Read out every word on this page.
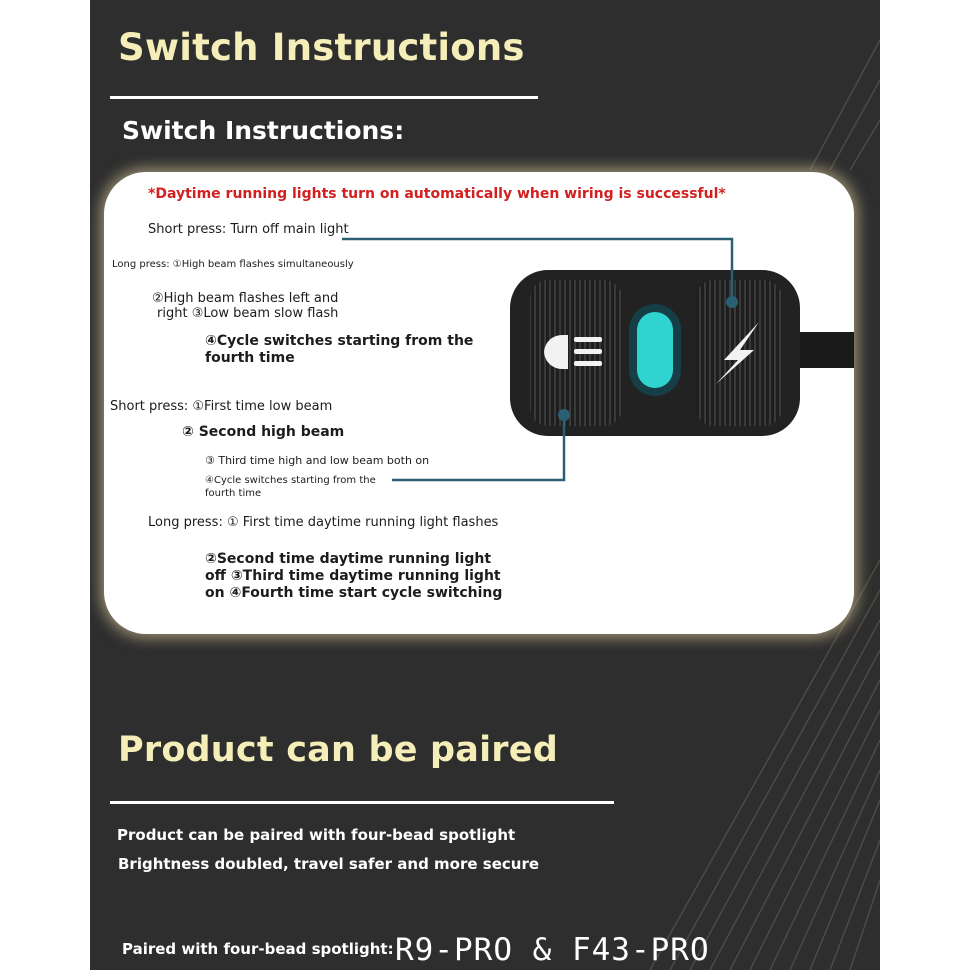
Switch Instructions
Switch Instructions:
*Daytime running lights turn on automatically when wiring is successful*
Short press: Turn off main light
Long press: ①High beam flashes simultaneously
②High beam flashes left and
right ③Low beam slow flash
④Cycle switches starting from the
fourth time
Short press: ①First time low beam
② Second high beam
③ Third time high and low beam both on
④Cycle switches starting from the
fourth time
Long press: ① First time daytime running light flashes
②Second time daytime running light
off ③Third time daytime running light
on ④Fourth time start cycle switching
Product can be paired
Product can be paired with four-bead spotlight
Brightness doubled, travel safer and more secure
Paired with four-bead spotlight: R9-PRO & F43-PRO
